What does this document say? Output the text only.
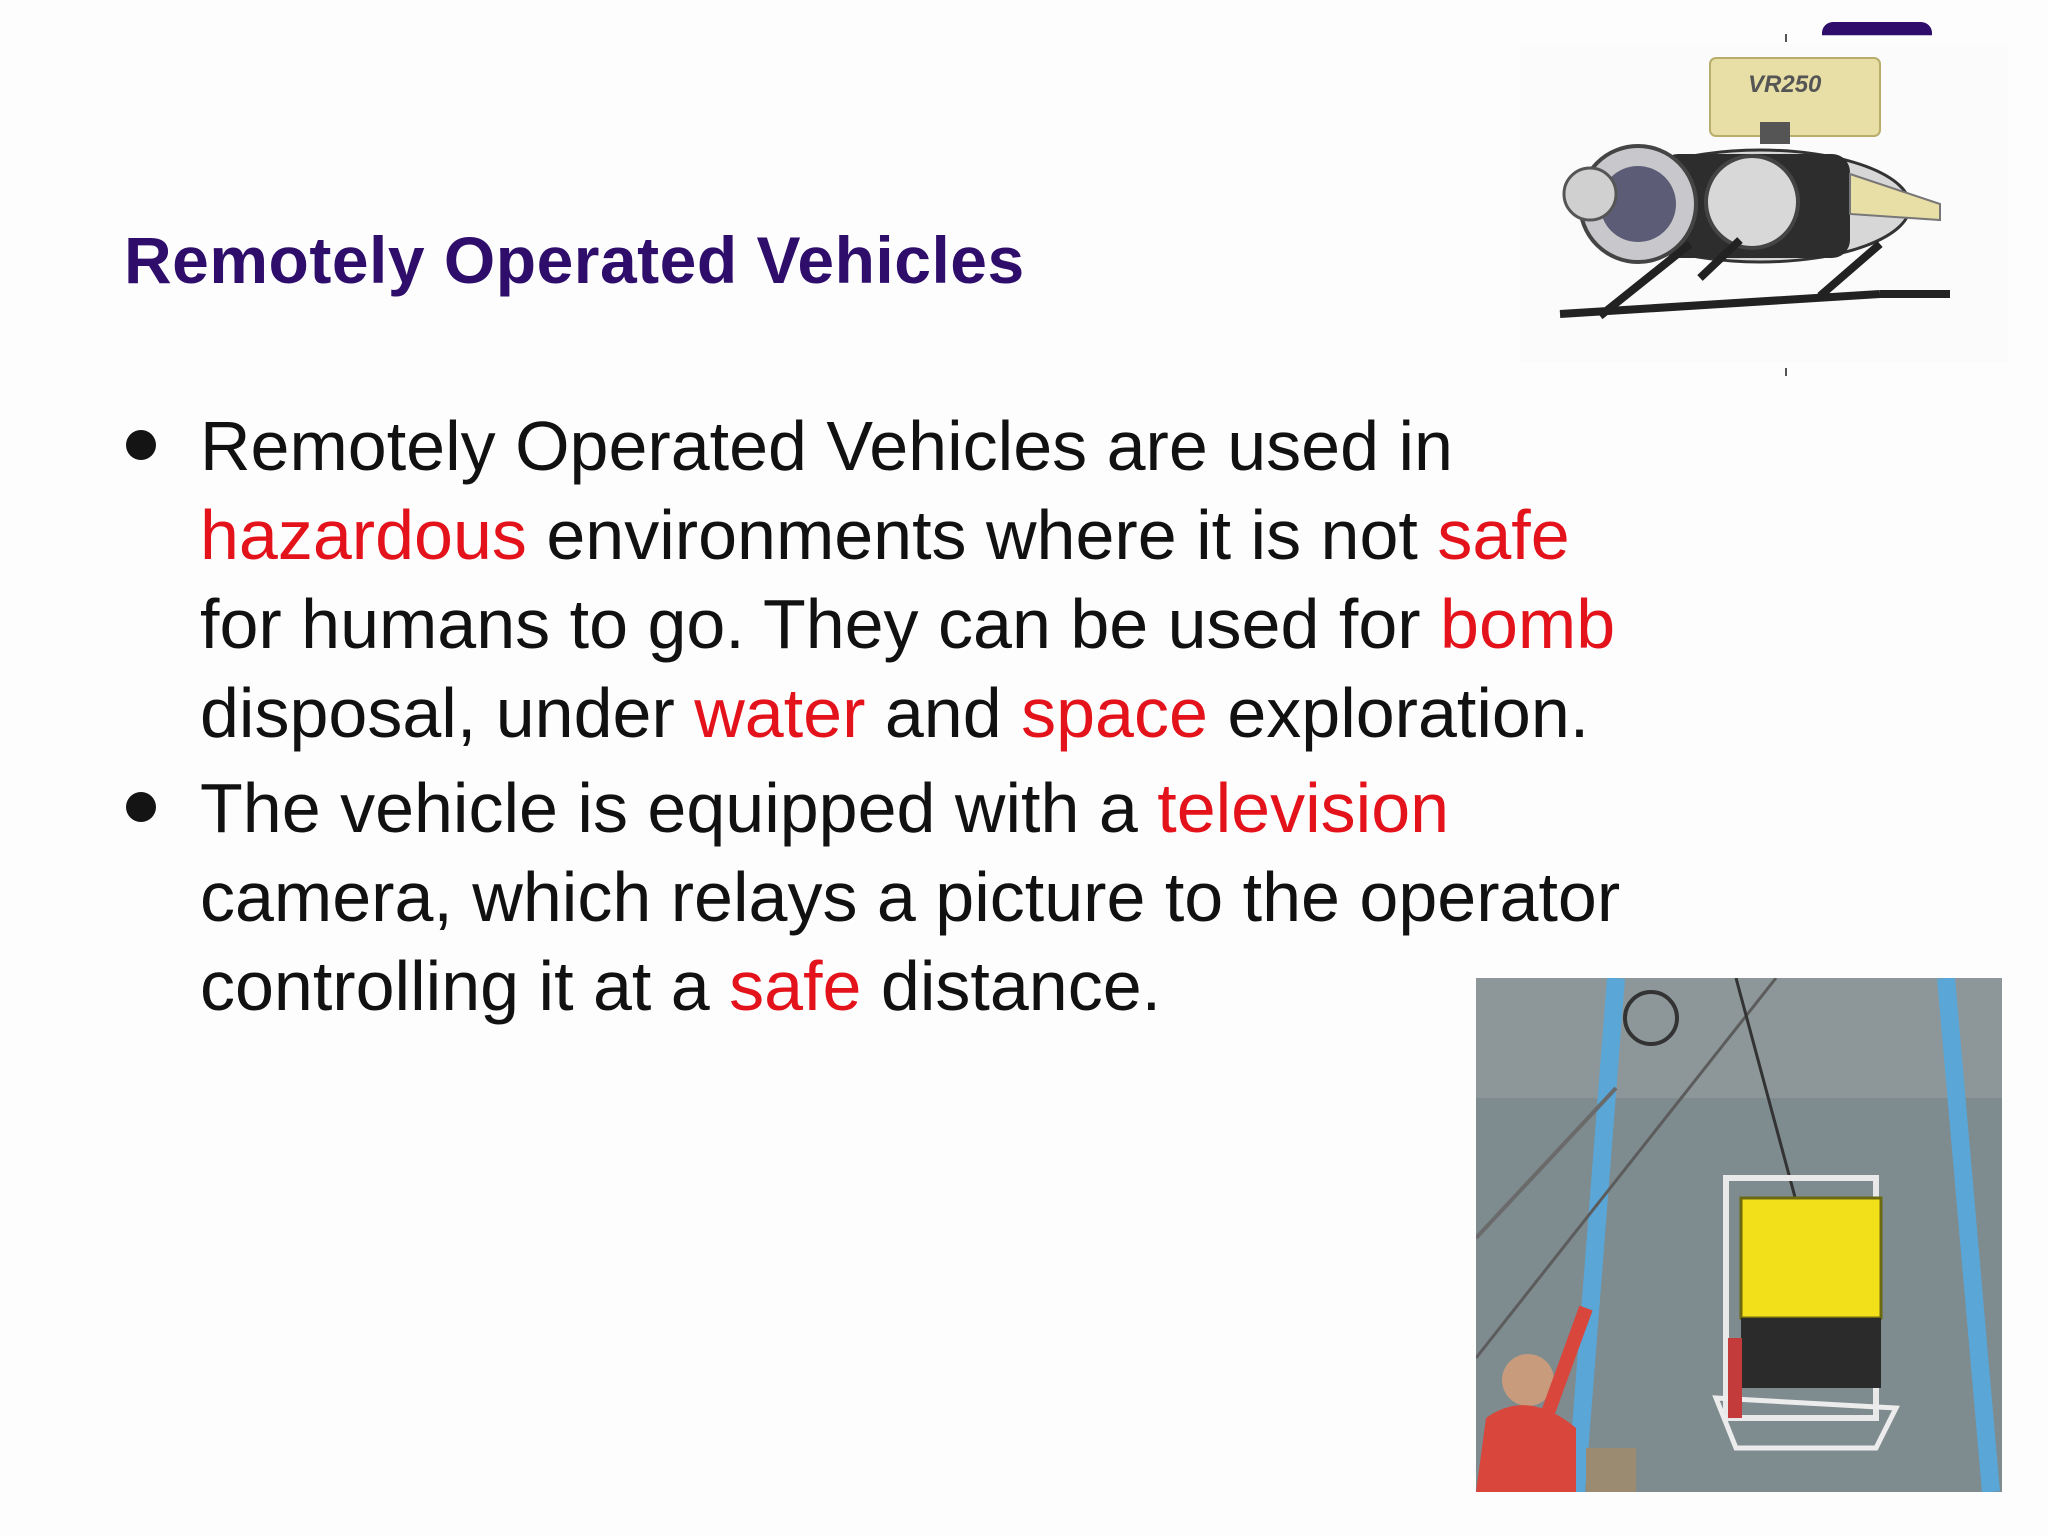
Remotely Operated Vehicles
Remotely Operated Vehicles are used in hazardous environments where it is not safe for humans to go. They can be used for bomb disposal, under water and space exploration.
The vehicle is equipped with a television camera, which relays a picture to the operator controlling it at a safe distance.
VR250
